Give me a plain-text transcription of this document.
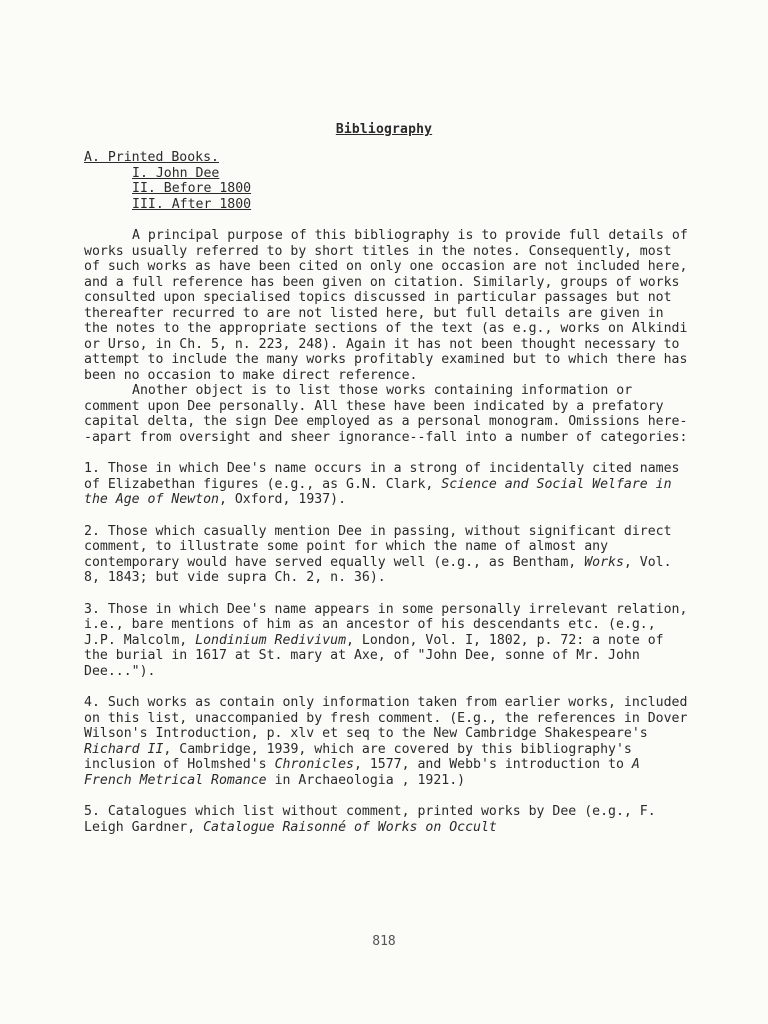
Bibliography
A. Printed Books.
I. John Dee
II. Before 1800
III. After 1800

A principal purpose of this bibliography is to provide full details of works usually referred to by short titles in the notes. Consequently, most of such works as have been cited on only one occasion are not included here, and a full reference has been given on citation. Similarly, groups of works consulted upon specialised topics discussed in particular passages but not thereafter recurred to are not listed here, but full details are given in the notes to the appropriate sections of the text (as e.g., works on Alkindi or Urso, in Ch. 5, n. 223, 248). Again it has not been thought necessary to attempt to include the many works profitably examined but to which there has been no occasion to make direct reference.

Another object is to list those works containing information or comment upon Dee personally. All these have been indicated by a prefatory capital delta, the sign Dee employed as a personal monogram. Omissions here--apart from oversight and sheer ignorance--fall into a number of categories:

1. Those in which Dee's name occurs in a strong of incidentally cited names of Elizabethan figures (e.g., as G.N. Clark, Science and Social Welfare in the Age of Newton, Oxford, 1937).

2. Those which casually mention Dee in passing, without significant direct comment, to illustrate some point for which the name of almost any contemporary would have served equally well (e.g., as Bentham, Works, Vol. 8, 1843; but vide supra Ch. 2, n. 36).

3. Those in which Dee's name appears in some personally irrelevant relation, i.e., bare mentions of him as an ancestor of his descendants etc. (e.g., J.P. Malcolm, Londinium Redivivum, London, Vol. I, 1802, p. 72: a note of the burial in 1617 at St. mary at Axe, of "John Dee, sonne of Mr. John Dee...").

4. Such works as contain only information taken from earlier works, included on this list, unaccompanied by fresh comment. (E.g., the references in Dover Wilson's Introduction, p. xlv et seq to the New Cambridge Shakespeare's Richard II, Cambridge, 1939, which are covered by this bibliography's inclusion of Holmshed's Chronicles, 1577, and Webb's introduction to A French Metrical Romance in Archaeologia , 1921.)

5. Catalogues which list without comment, printed works by Dee (e.g., F. Leigh Gardner, Catalogue Raisonné of Works on Occult

818
